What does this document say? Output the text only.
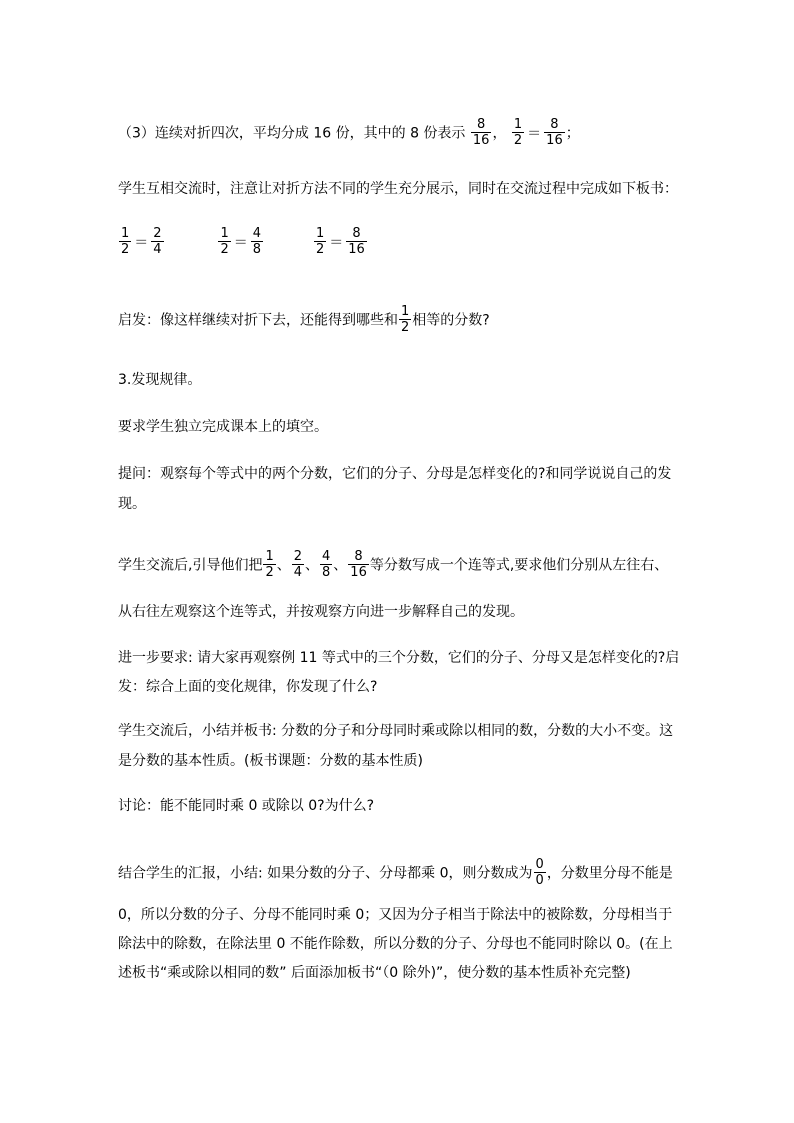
（3）连续对折四次，平均分成 16 份，其中的 8 份表示 $\frac{8}{16}$ ， $\frac{1}{2} = \frac{8}{16}$ ；
学生互相交流时，注意让对折方法不同的学生充分展示，同时在交流过程中完成如下板书：
$\frac{1}{2} = \frac{2}{4}$
	$\frac{1}{2} = \frac{4}{8}$
	$\frac{1}{2} = \frac{8}{16}$
启发：像这样继续对折下去，还能得到哪些和 $\frac{1}{2}$ 相等的分数?
3.发现规律。
要求学生独立完成课本上的填空。
提问：观察每个等式中的两个分数，它们的分子、分母是怎样变化的?和同学说说自己的发
现。
学生交流后,引导他们把 $\frac{1}{2}$ 、 $\frac{2}{4}$ 、 $\frac{4}{8}$ 、 $\frac{8}{16}$ 等分数写成一个连等式,要求他们分别从左往右、
从右往左观察这个连等式，并按观察方向进一步解释自己的发现。
进一步要求: 请大家再观察例 11 等式中的三个分数，它们的分子、分母又是怎样变化的?启
发：综合上面的变化规律，你发现了什么?
学生交流后，小结并板书: 分数的分子和分母同时乘或除以相同的数，分数的大小不变。这
是分数的基本性质。(板书课题：分数的基本性质)
讨论：能不能同时乘 0 或除以 0?为什么?
结合学生的汇报，小结: 如果分数的分子、分母都乘 0，则分数成为 $\frac{0}{0}$ ，分数里分母不能是
0，所以分数的分子、分母不能同时乘 0；又因为分子相当于除法中的被除数，分母相当于
除法中的除数，在除法里 0 不能作除数，所以分数的分子、分母也不能同时除以 0。(在上
述板书“乘或除以相同的数” 后面添加板书“（0 除外)”，使分数的基本性质补充完整)
